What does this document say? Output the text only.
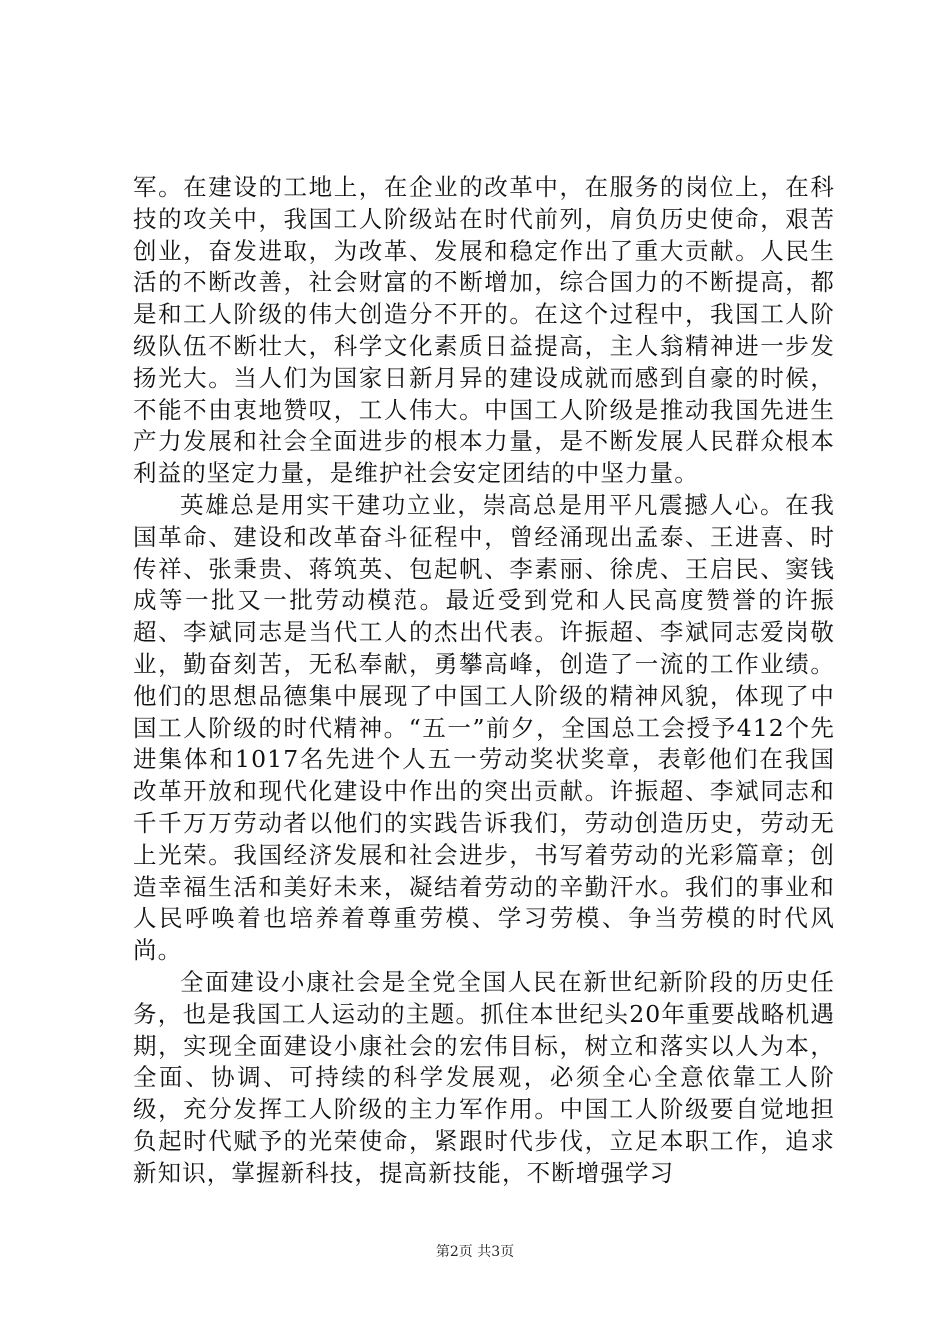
军。在建设的工地上，在企业的改革中，在服务的岗位上，在科技的攻关中，我国工人阶级站在时代前列，肩负历史使命，艰苦创业，奋发进取，为改革、发展和稳定作出了重大贡献。人民生活的不断改善，社会财富的不断增加，综合国力的不断提高，都是和工人阶级的伟大创造分不开的。在这个过程中，我国工人阶级队伍不断壮大，科学文化素质日益提高，主人翁精神进一步发扬光大。当人们为国家日新月异的建设成就而感到自豪的时候，不能不由衷地赞叹，工人伟大。中国工人阶级是推动我国先进生产力发展和社会全面进步的根本力量，是不断发展人民群众根本利益的坚定力量，是维护社会安定团结的中坚力量。

英雄总是用实干建功立业，崇高总是用平凡震撼人心。在我国革命、建设和改革奋斗征程中，曾经涌现出孟泰、王进喜、时传祥、张秉贵、蒋筑英、包起帆、李素丽、徐虎、王启民、窦钱成等一批又一批劳动模范。最近受到党和人民高度赞誉的许振超、李斌同志是当代工人的杰出代表。许振超、李斌同志爱岗敬业，勤奋刻苦，无私奉献，勇攀高峰，创造了一流的工作业绩。他们的思想品德集中展现了中国工人阶级的精神风貌，体现了中国工人阶级的时代精神。“五一”前夕，全国总工会授予412个先进集体和1017名先进个人五一劳动奖状奖章，表彰他们在我国改革开放和现代化建设中作出的突出贡献。许振超、李斌同志和千千万万劳动者以他们的实践告诉我们，劳动创造历史，劳动无上光荣。我国经济发展和社会进步，书写着劳动的光彩篇章；创造幸福生活和美好未来，凝结着劳动的辛勤汗水。我们的事业和人民呼唤着也培养着尊重劳模、学习劳模、争当劳模的时代风尚。

全面建设小康社会是全党全国人民在新世纪新阶段的历史任务，也是我国工人运动的主题。抓住本世纪头20年重要战略机遇期，实现全面建设小康社会的宏伟目标，树立和落实以人为本，全面、协调、可持续的科学发展观，必须全心全意依靠工人阶级，充分发挥工人阶级的主力军作用。中国工人阶级要自觉地担负起时代赋予的光荣使命，紧跟时代步伐，立足本职工作，追求新知识，掌握新科技，提高新技能，不断增强学习

第2页 共3页
